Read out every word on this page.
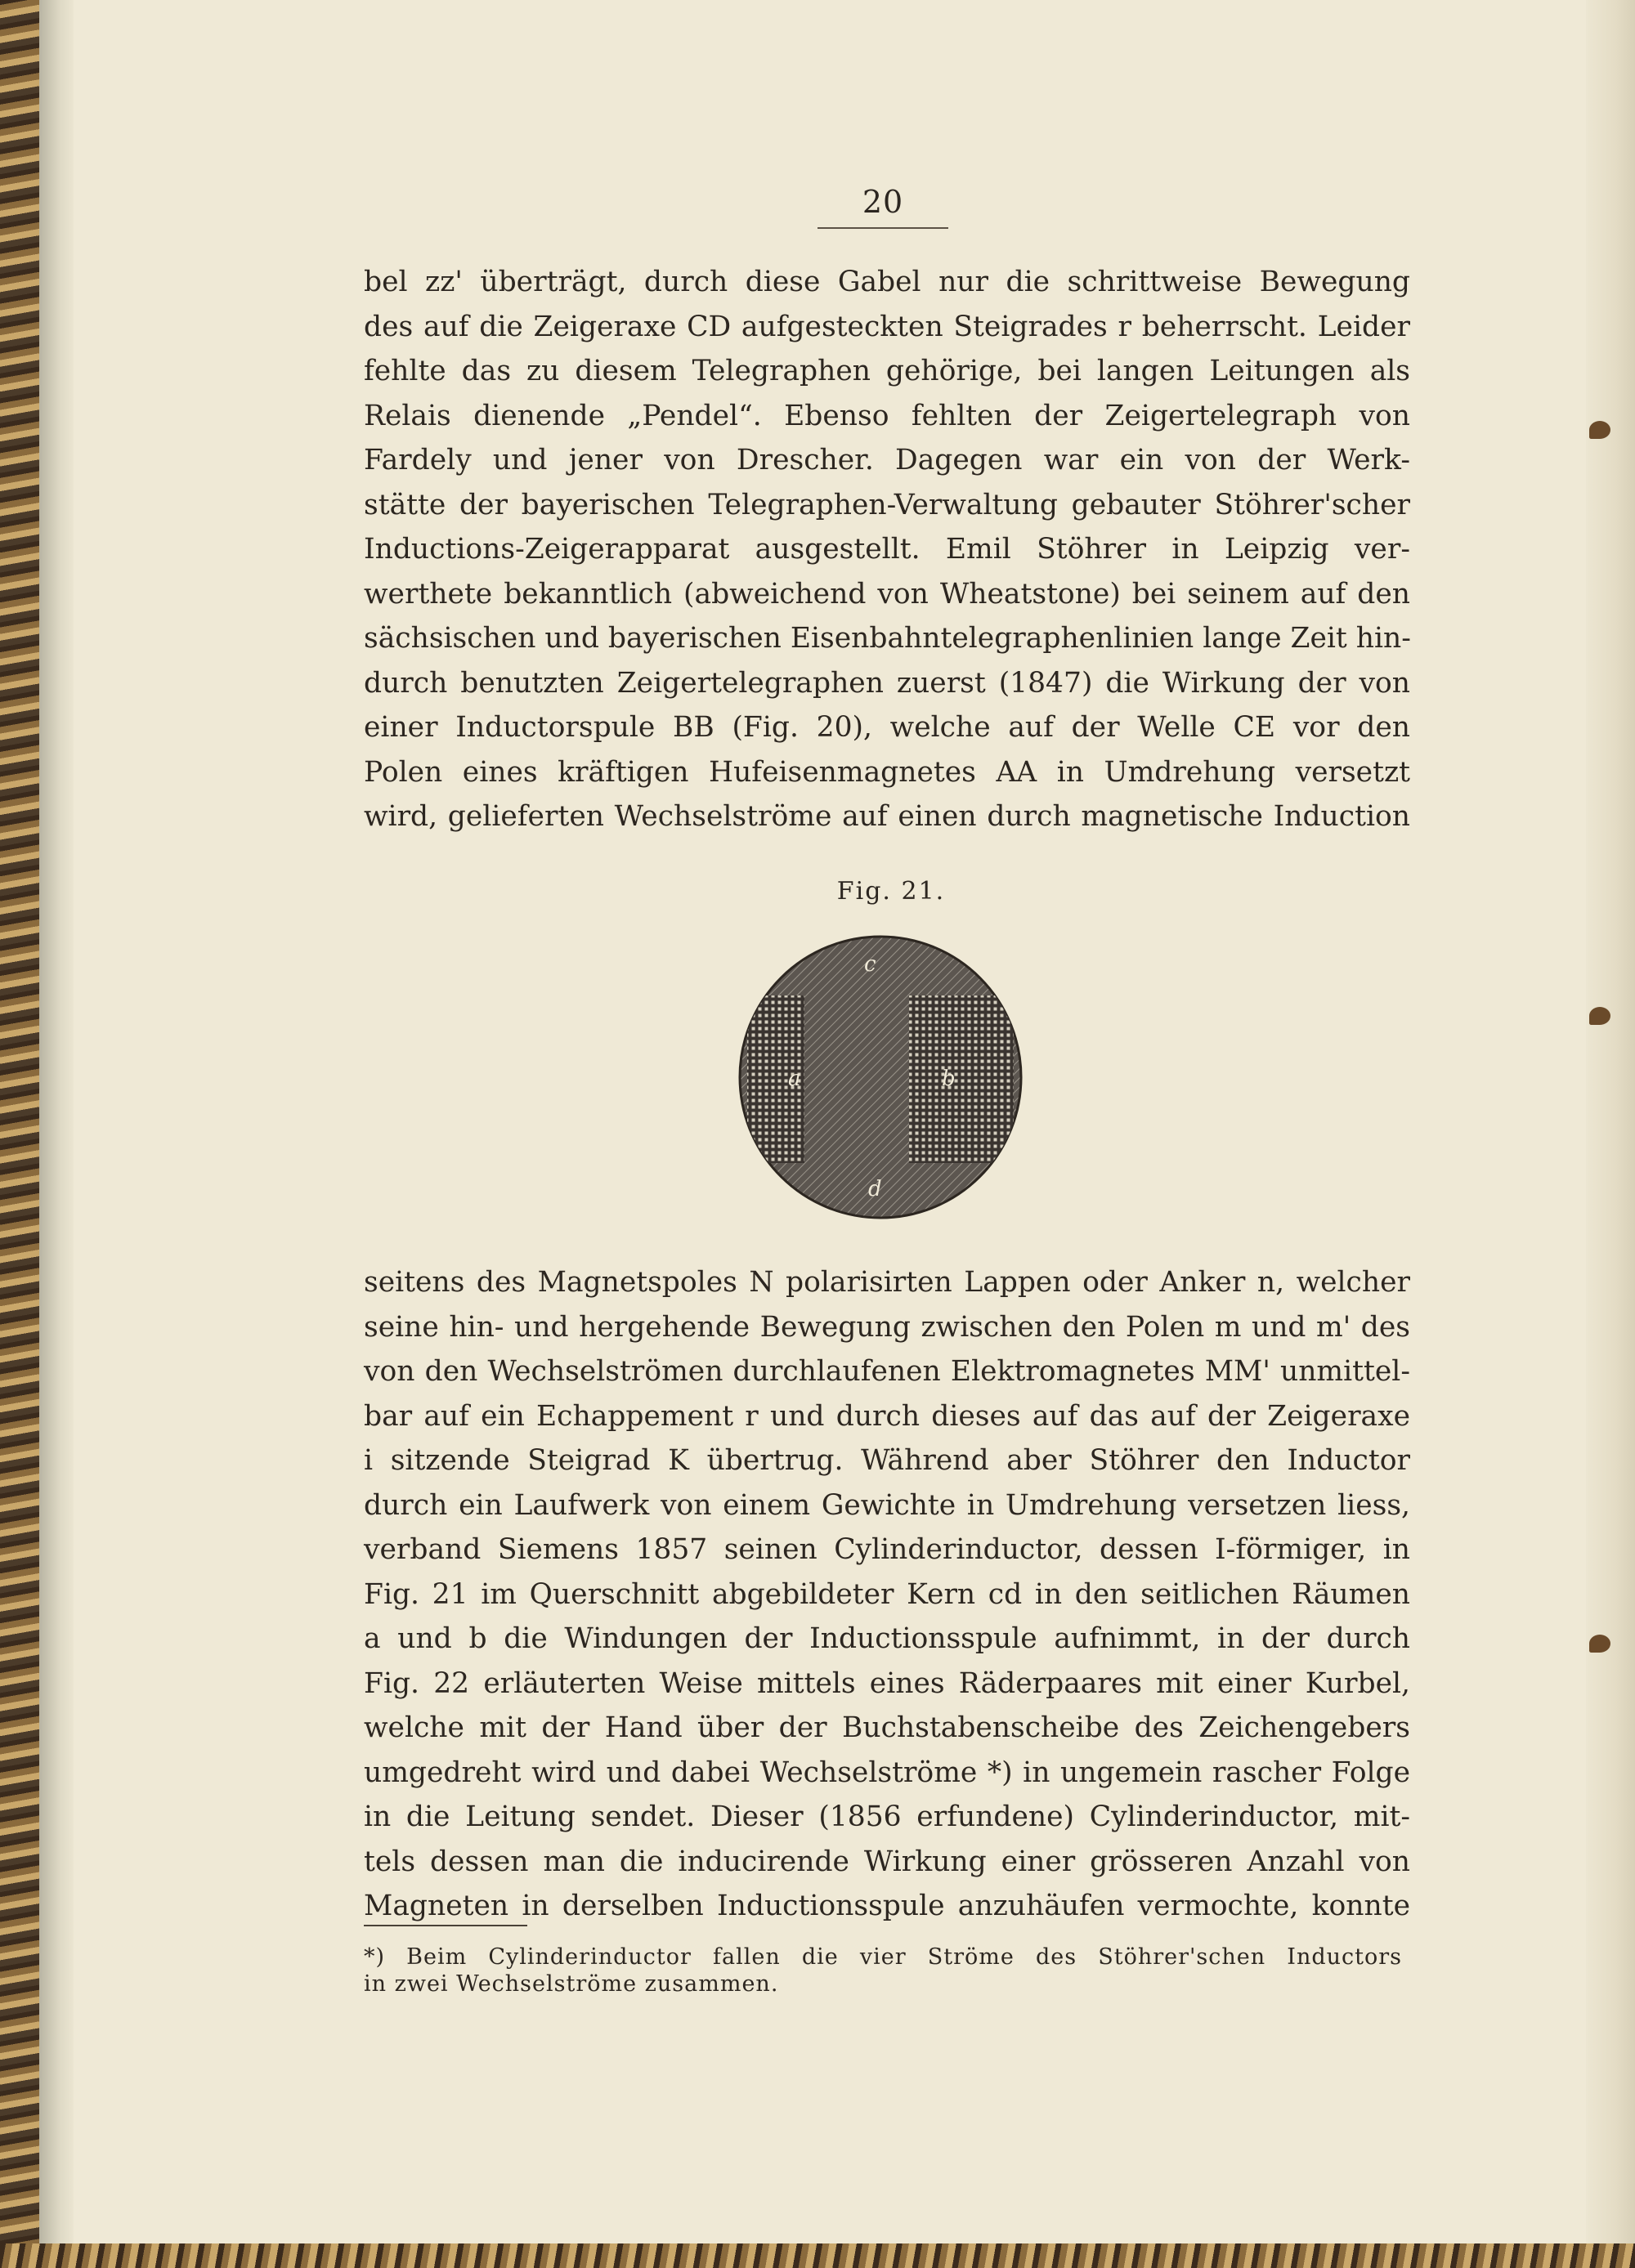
20
bel zz' überträgt, durch diese Gabel nur die schrittweise Bewegung
des auf die Zeigeraxe CD aufgesteckten Steigrades r beherrscht. Leider
fehlte das zu diesem Telegraphen gehörige, bei langen Leitungen als
Relais dienende „Pendel“. Ebenso fehlten der Zeigertelegraph von
Fardely und jener von Drescher. Dagegen war ein von der Werk-
stätte der bayerischen Telegraphen-Verwaltung gebauter Stöhrer'scher
Inductions-Zeigerapparat ausgestellt. Emil Stöhrer in Leipzig ver-
werthete bekanntlich (abweichend von Wheatstone) bei seinem auf den
sächsischen und bayerischen Eisenbahntelegraphenlinien lange Zeit hin-
durch benutzten Zeigertelegraphen zuerst (1847) die Wirkung der von
einer Inductorspule BB (Fig. 20), welche auf der Welle CE vor den
Polen eines kräftigen Hufeisenmagnetes AA in Umdrehung versetzt
wird, gelieferten Wechselströme auf einen durch magnetische Induction
Fig. 21.
c
a	b
d
seitens des Magnetspoles N polarisirten Lappen oder Anker n, welcher
seine hin- und hergehende Bewegung zwischen den Polen m und m' des
von den Wechselströmen durchlaufenen Elektromagnetes MM' unmittel-
bar auf ein Echappement r und durch dieses auf das auf der Zeigeraxe
i sitzende Steigrad K übertrug. Während aber Stöhrer den Inductor
durch ein Laufwerk von einem Gewichte in Umdrehung versetzen liess,
verband Siemens 1857 seinen Cylinderinductor, dessen I-förmiger, in
Fig. 21 im Querschnitt abgebildeter Kern cd in den seitlichen Räumen
a und b die Windungen der Inductionsspule aufnimmt, in der durch
Fig. 22 erläuterten Weise mittels eines Räderpaares mit einer Kurbel,
welche mit der Hand über der Buchstabenscheibe des Zeichengebers
umgedreht wird und dabei Wechselströme *) in ungemein rascher Folge
in die Leitung sendet. Dieser (1856 erfundene) Cylinderinductor, mit-
tels dessen man die inducirende Wirkung einer grösseren Anzahl von
Magneten in derselben Inductionsspule anzuhäufen vermochte, konnte
*) Beim Cylinderinductor fallen die vier Ströme des Stöhrer'schen Inductors
in zwei Wechselströme zusammen.
